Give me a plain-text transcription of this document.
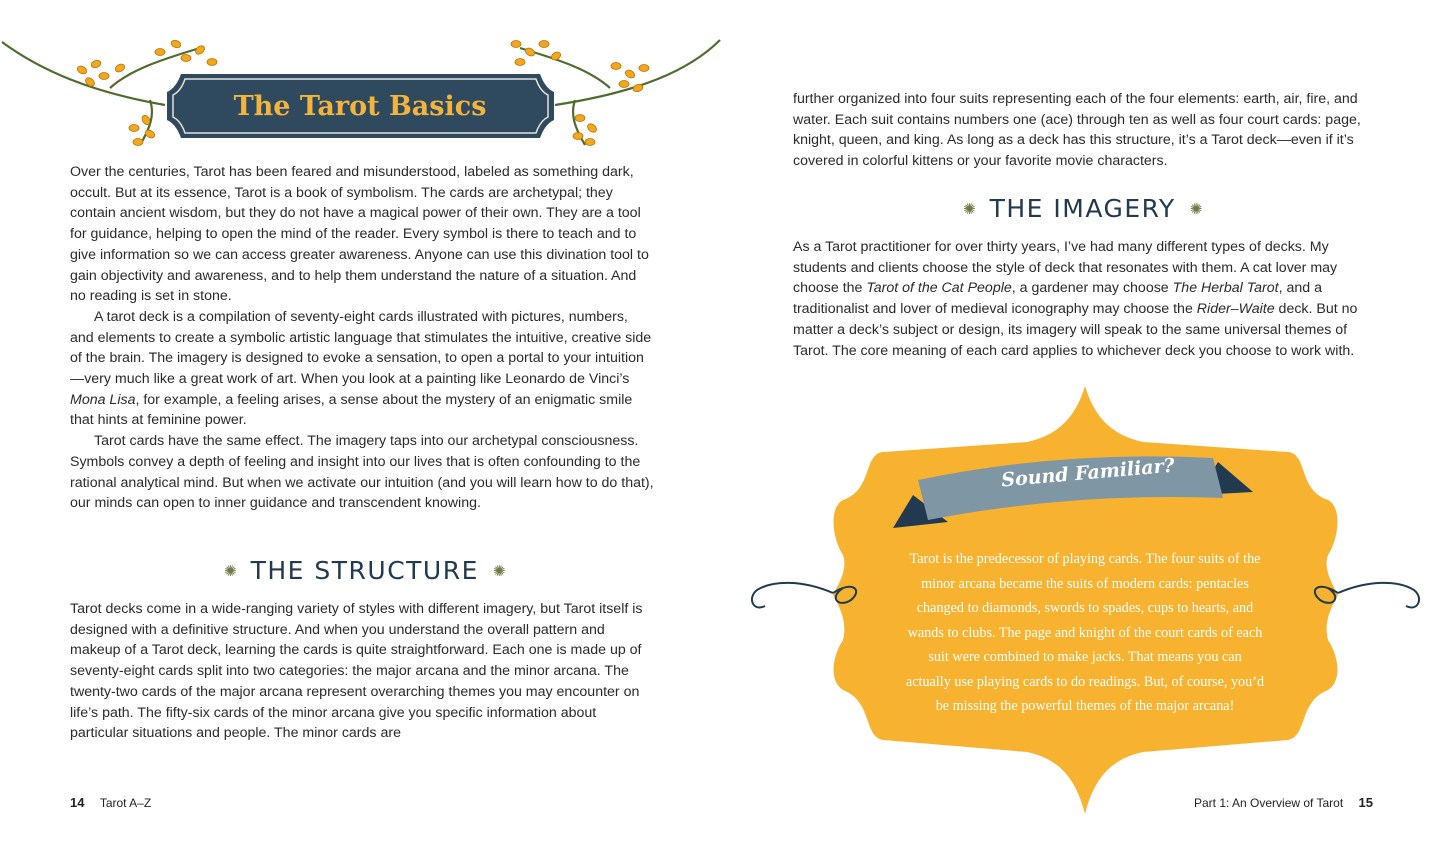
The Tarot Basics

Over the centuries, Tarot has been feared and misunderstood, labeled as something dark, occult. But at its essence, Tarot is a book of symbolism. The cards are archetypal; they contain ancient wisdom, but they do not have a magical power of their own. They are a tool for guidance, helping to open the mind of the reader. Every symbol is there to teach and to give information so we can access greater awareness. Anyone can use this divination tool to gain objectivity and awareness, and to help them understand the nature of a situation. And no reading is set in stone.

A tarot deck is a compilation of seventy-eight cards illustrated with pictures, numbers, and elements to create a symbolic artistic language that stimulates the intuitive, creative side of the brain. The imagery is designed to evoke a sensation, to open a portal to your intuition—very much like a great work of art. When you look at a painting like Leonardo de Vinci’s Mona Lisa, for example, a feeling arises, a sense about the mystery of an enigmatic smile that hints at feminine power.

Tarot cards have the same effect. The imagery taps into our archetypal consciousness. Symbols convey a depth of feeling and insight into our lives that is often confounding to the rational analytical mind. But when we activate our intuition (and you will learn how to do that), our minds can open to inner guidance and transcendent knowing.

✺ THE STRUCTURE ✺

Tarot decks come in a wide-ranging variety of styles with different imagery, but Tarot itself is designed with a definitive structure. And when you understand the overall pattern and makeup of a Tarot deck, learning the cards is quite straightforward. Each one is made up of seventy-eight cards split into two categories: the major arcana and the minor arcana. The twenty-two cards of the major arcana represent overarching themes you may encounter on life’s path. The fifty-six cards of the minor arcana give you specific information about particular situations and people. The minor cards are

14 Tarot A–Z

further organized into four suits representing each of the four elements: earth, air, fire, and water. Each suit contains numbers one (ace) through ten as well as four court cards: page, knight, queen, and king. As long as a deck has this structure, it’s a Tarot deck—even if it’s covered in colorful kittens or your favorite movie characters.

✺ THE IMAGERY ✺

As a Tarot practitioner for over thirty years, I’ve had many different types of decks. My students and clients choose the style of deck that resonates with them. A cat lover may choose the Tarot of the Cat People, a gardener may choose The Herbal Tarot, and a traditionalist and lover of medieval iconography may choose the Rider–Waite deck. But no matter a deck’s subject or design, its imagery will speak to the same universal themes of Tarot. The core meaning of each card applies to whichever deck you choose to work with.

Sound Familiar?
Tarot is the predecessor of playing cards. The four suits of the minor arcana became the suits of modern cards: pentacles changed to diamonds, swords to spades, cups to hearts, and wands to clubs. The page and knight of the court cards of each suit were combined to make jacks. That means you can actually use playing cards to do readings. But, of course, you’d be missing the powerful themes of the major arcana!
Part 1: An Overview of Tarot 15
